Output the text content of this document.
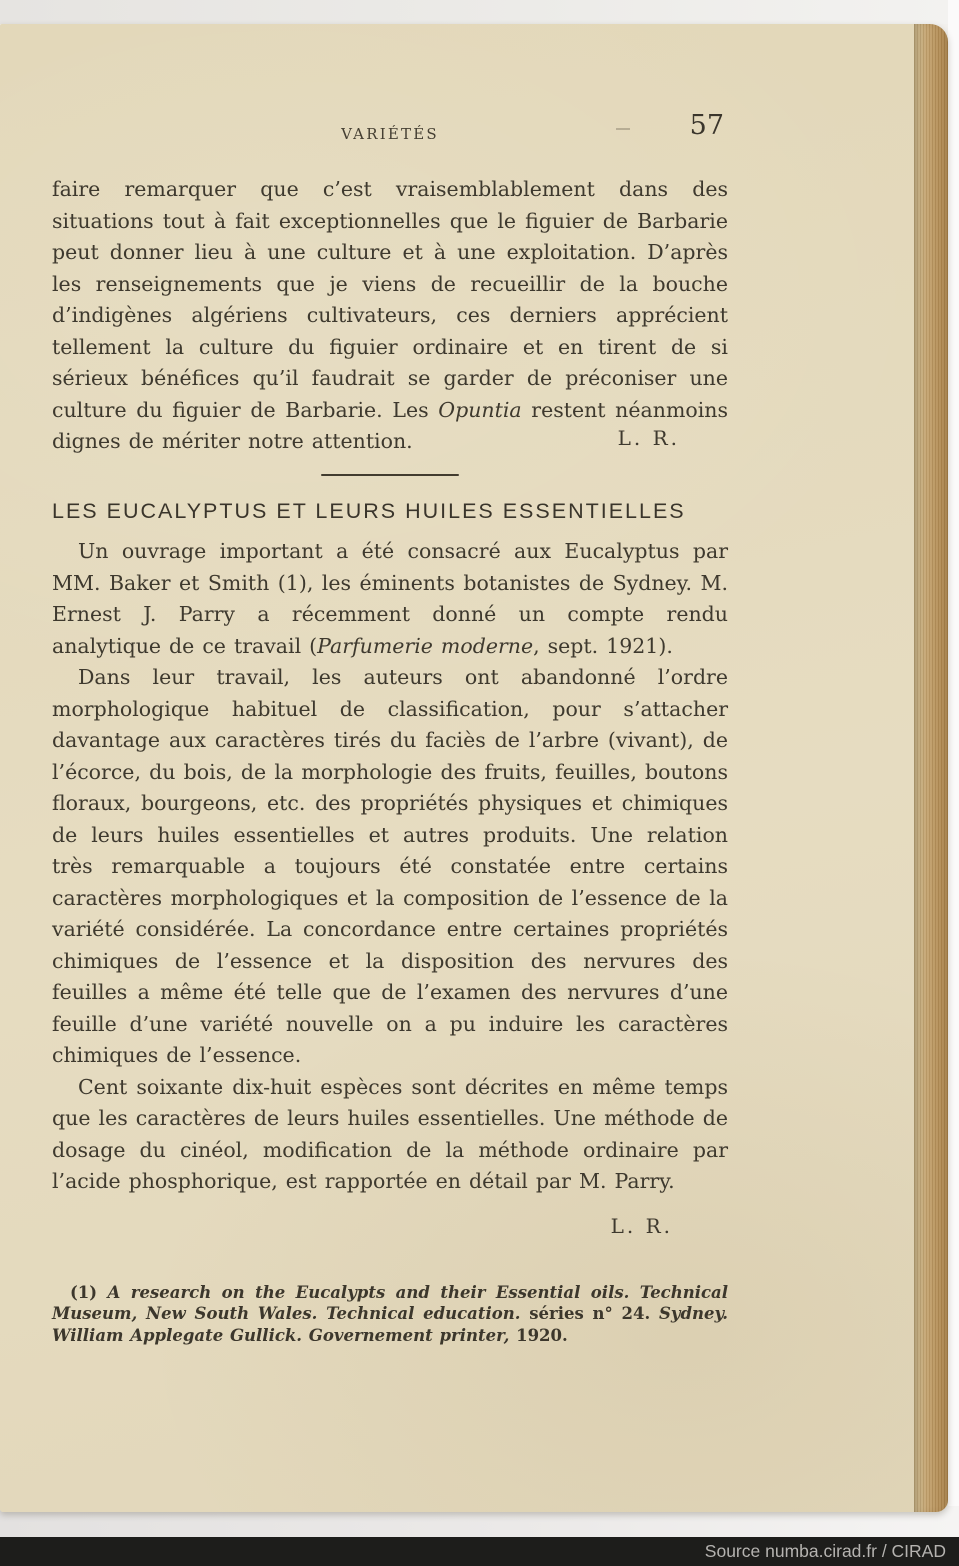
VARIÉTÉS	57

faire remarquer que c’est vraisemblablement dans des situations tout à fait exceptionnelles que le figuier de Barbarie peut donner lieu à une culture et à une exploitation. D’après les renseignements que je viens de recueillir de la bouche d’indigènes algériens cultivateurs, ces derniers apprécient tellement la culture du figuier ordinaire et en tirent de si sérieux bénéfices qu’il faudrait se garder de préconiser une culture du figuier de Barbarie. Les Opuntia restent néanmoins dignes de mériter notre attention.	L. R.
LES EUCALYPTUS ET LEURS HUILES ESSENTIELLES

Un ouvrage important a été consacré aux Eucalyptus par MM. Baker et Smith (1), les éminents botanistes de Sydney. M. Ernest J. Parry a récemment donné un compte rendu analytique de ce travail (Parfumerie moderne, sept. 1921).

Dans leur travail, les auteurs ont abandonné l’ordre morphologique habituel de classification, pour s’attacher davantage aux caractères tirés du faciès de l’arbre (vivant), de l’écorce, du bois, de la morphologie des fruits, feuilles, boutons floraux, bourgeons, etc. des propriétés physiques et chimiques de leurs huiles essentielles et autres produits. Une relation très remarquable a toujours été constatée entre certains caractères morphologiques et la composition de l’essence de la variété considérée. La concordance entre certaines propriétés chimiques de l’essence et la disposition des nervures des feuilles a même été telle que de l’examen des nervures d’une feuille d’une variété nouvelle on a pu induire les caractères chimiques de l’essence.

Cent soixante dix-huit espèces sont décrites en même temps que les caractères de leurs huiles essentielles. Une méthode de dosage du cinéol, modification de la méthode ordinaire par l’acide phosphorique, est rapportée en détail par M. Parry.

L. R.

(1) A research on the Eucalypts and their Essential oils. Technical Museum, New South Wales. Technical education. séries n° 24. Sydney. William Applegate Gullick. Governement printer, 1920.

Source numba.cirad.fr / CIRAD
